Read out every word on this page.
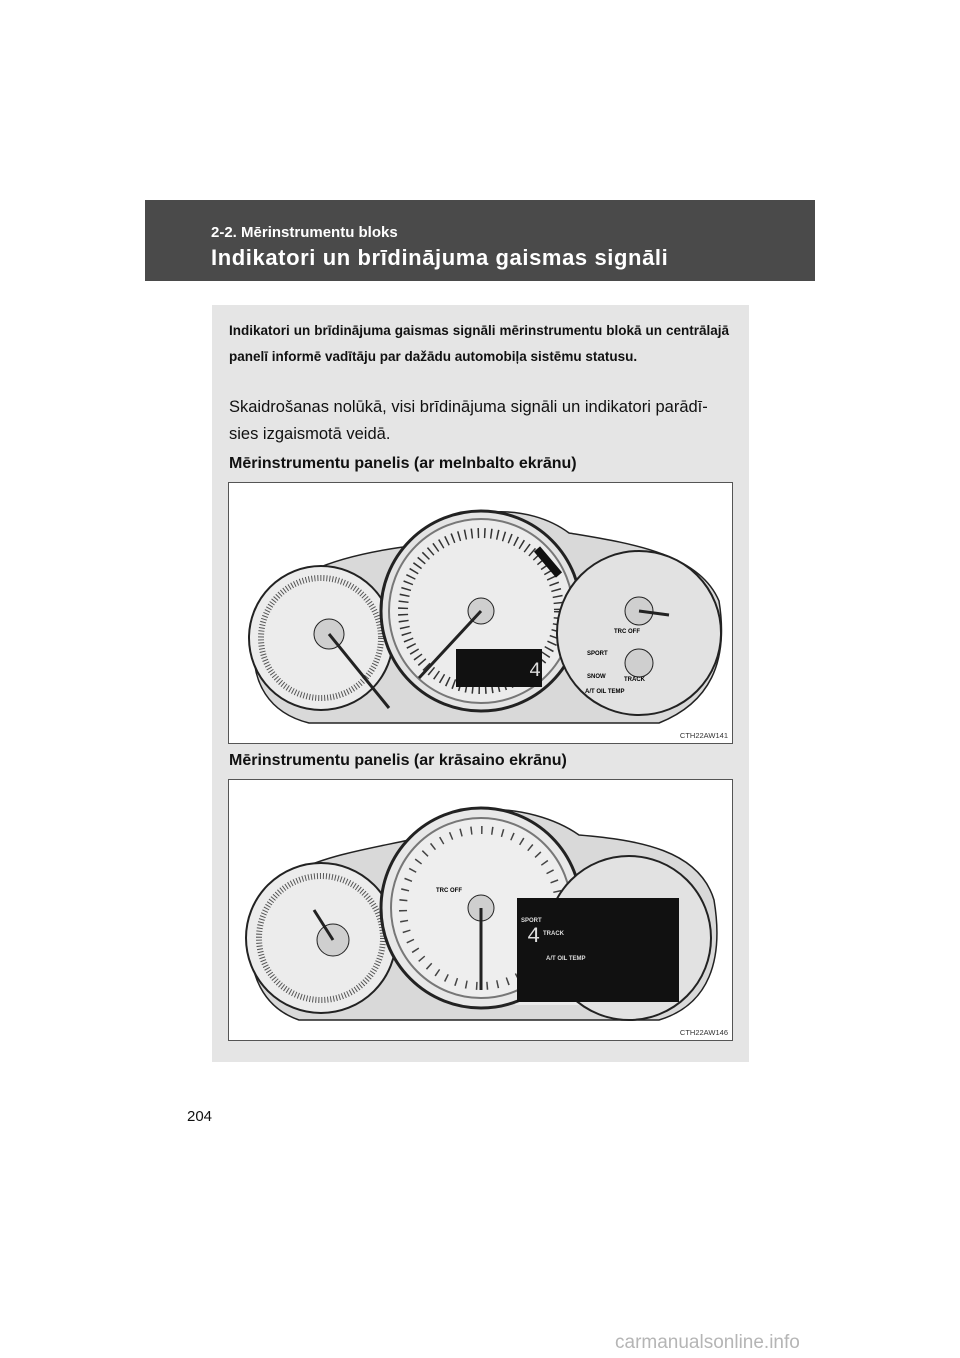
2-2. Mērinstrumentu bloks
Indikatori un brīdinājuma gaismas signāli
Indikatori un brīdinājuma gaismas signāli mērinstrumentu blokā un centrālajā panelī informē vadītāju par dažādu automobiļa sistēmu statusu.
Skaidrošanas nolūkā, visi brīdinājuma signāli un indikatori parādī-sies izgaismotā veidā.
Mērinstrumentu panelis (ar melnbalto ekrānu)
4
TRC OFF
SPORT
SNOW	TRACK
A/T OIL TEMP
CTH22AW141
Mērinstrumentu panelis (ar krāsaino ekrānu)
TRC OFF
SPORT
4 TRACK
A/T OIL TEMP
CTH22AW146
204
carmanualsonline.info
